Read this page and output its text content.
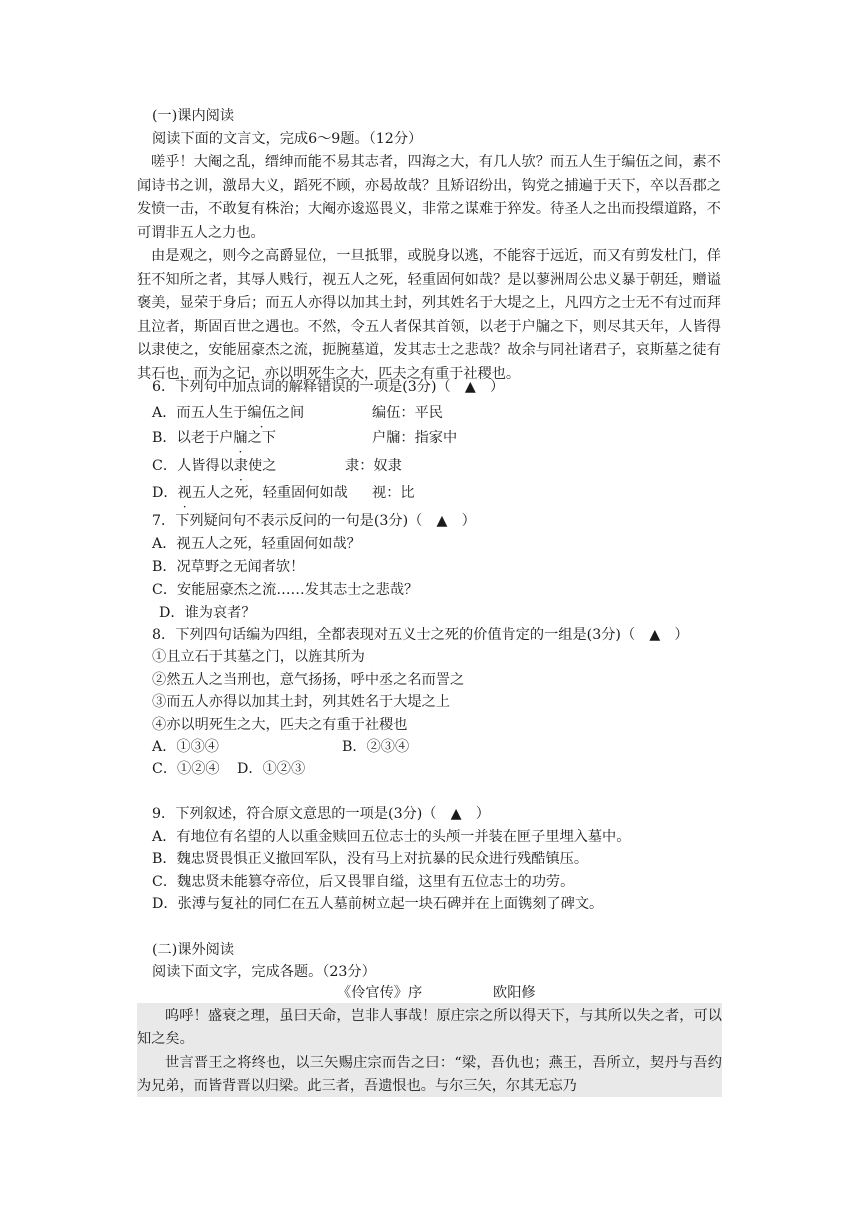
(一)课内阅读
阅读下面的文言文，完成6～9题。（12分）
嗟乎！大阉之乱，缙绅而能不易其志者，四海之大，有几人欤？而五人生于编伍之间，素不闻诗书之训，激昂大义，蹈死不顾，亦曷故哉？且矫诏纷出，钩党之捕遍于天下，卒以吾郡之发愤一击，不敢复有株治；大阉亦逡巡畏义，非常之谋难于猝发。待圣人之出而投缳道路，不可谓非五人之力也。
由是观之，则今之高爵显位，一旦抵罪，或脱身以逃，不能容于远近，而又有剪发杜门，佯狂不知所之者，其辱人贱行，视五人之死，轻重固何如哉？是以蓼洲周公忠义暴于朝廷，赠谥褒美，显荣于身后；而五人亦得以加其土封，列其姓名于大堤之上，凡四方之士无不有过而拜且泣者，斯固百世之遇也。不然，令五人者保其首领，以老于户牖之下，则尽其天年，人皆得以隶使之，安能屈豪杰之流，扼腕墓道，发其志士之悲哉？故余与同社诸君子，哀斯墓之徒有其石也，而为之记，亦以明死生之大，匹夫之有重于社稷也。
6．下列句中加点词的解释错误的一项是(3分)（　▲　）
A．而五人生于编伍之间	编伍：平民
B．以老于户牖之下	户牖：指家中
C．人皆得以隶使之	隶：奴隶
D．视五人之死，轻重固何如哉 视：比
7．下列疑问句不表示反问的一句是(3分)（　▲　）
A．视五人之死，轻重固何如哉？
B．况草野之无闻者欤！
C．安能屈豪杰之流……发其志士之悲哉？
D．谁为哀者？
8．下列四句话编为四组，全都表现对五义士之死的价值肯定的一组是(3分)（　▲　）
①且立石于其墓之门，以旌其所为
②然五人之当刑也，意气扬扬，呼中丞之名而詈之
③而五人亦得以加其土封，列其姓名于大堤之上
④亦以明死生之大，匹夫之有重于社稷也
A．①③④	B．②③④
C．①②④ D．①②③
9．下列叙述，符合原文意思的一项是(3分)（　▲　）
A．有地位有名望的人以重金赎回五位志士的头颅一并装在匣子里埋入墓中。
B．魏忠贤畏惧正义撤回军队，没有马上对抗暴的民众进行残酷镇压。
C．魏忠贤未能篡夺帝位，后又畏罪自缢，这里有五位志士的功劳。
D．张溥与复社的同仁在五人墓前树立起一块石碑并在上面镌刻了碑文。
(二)课外阅读
阅读下面文字，完成各题。（23分）
《伶官传》序	欧阳修
呜呼！盛衰之理，虽曰天命，岂非人事哉！原庄宗之所以得天下，与其所以失之者，可以知之矣。
世言晋王之将终也，以三矢赐庄宗而告之曰：“梁，吾仇也；燕王，吾所立，契丹与吾约为兄弟，而皆背晋以归梁。此三者，吾遗恨也。与尔三矢，尔其无忘乃
